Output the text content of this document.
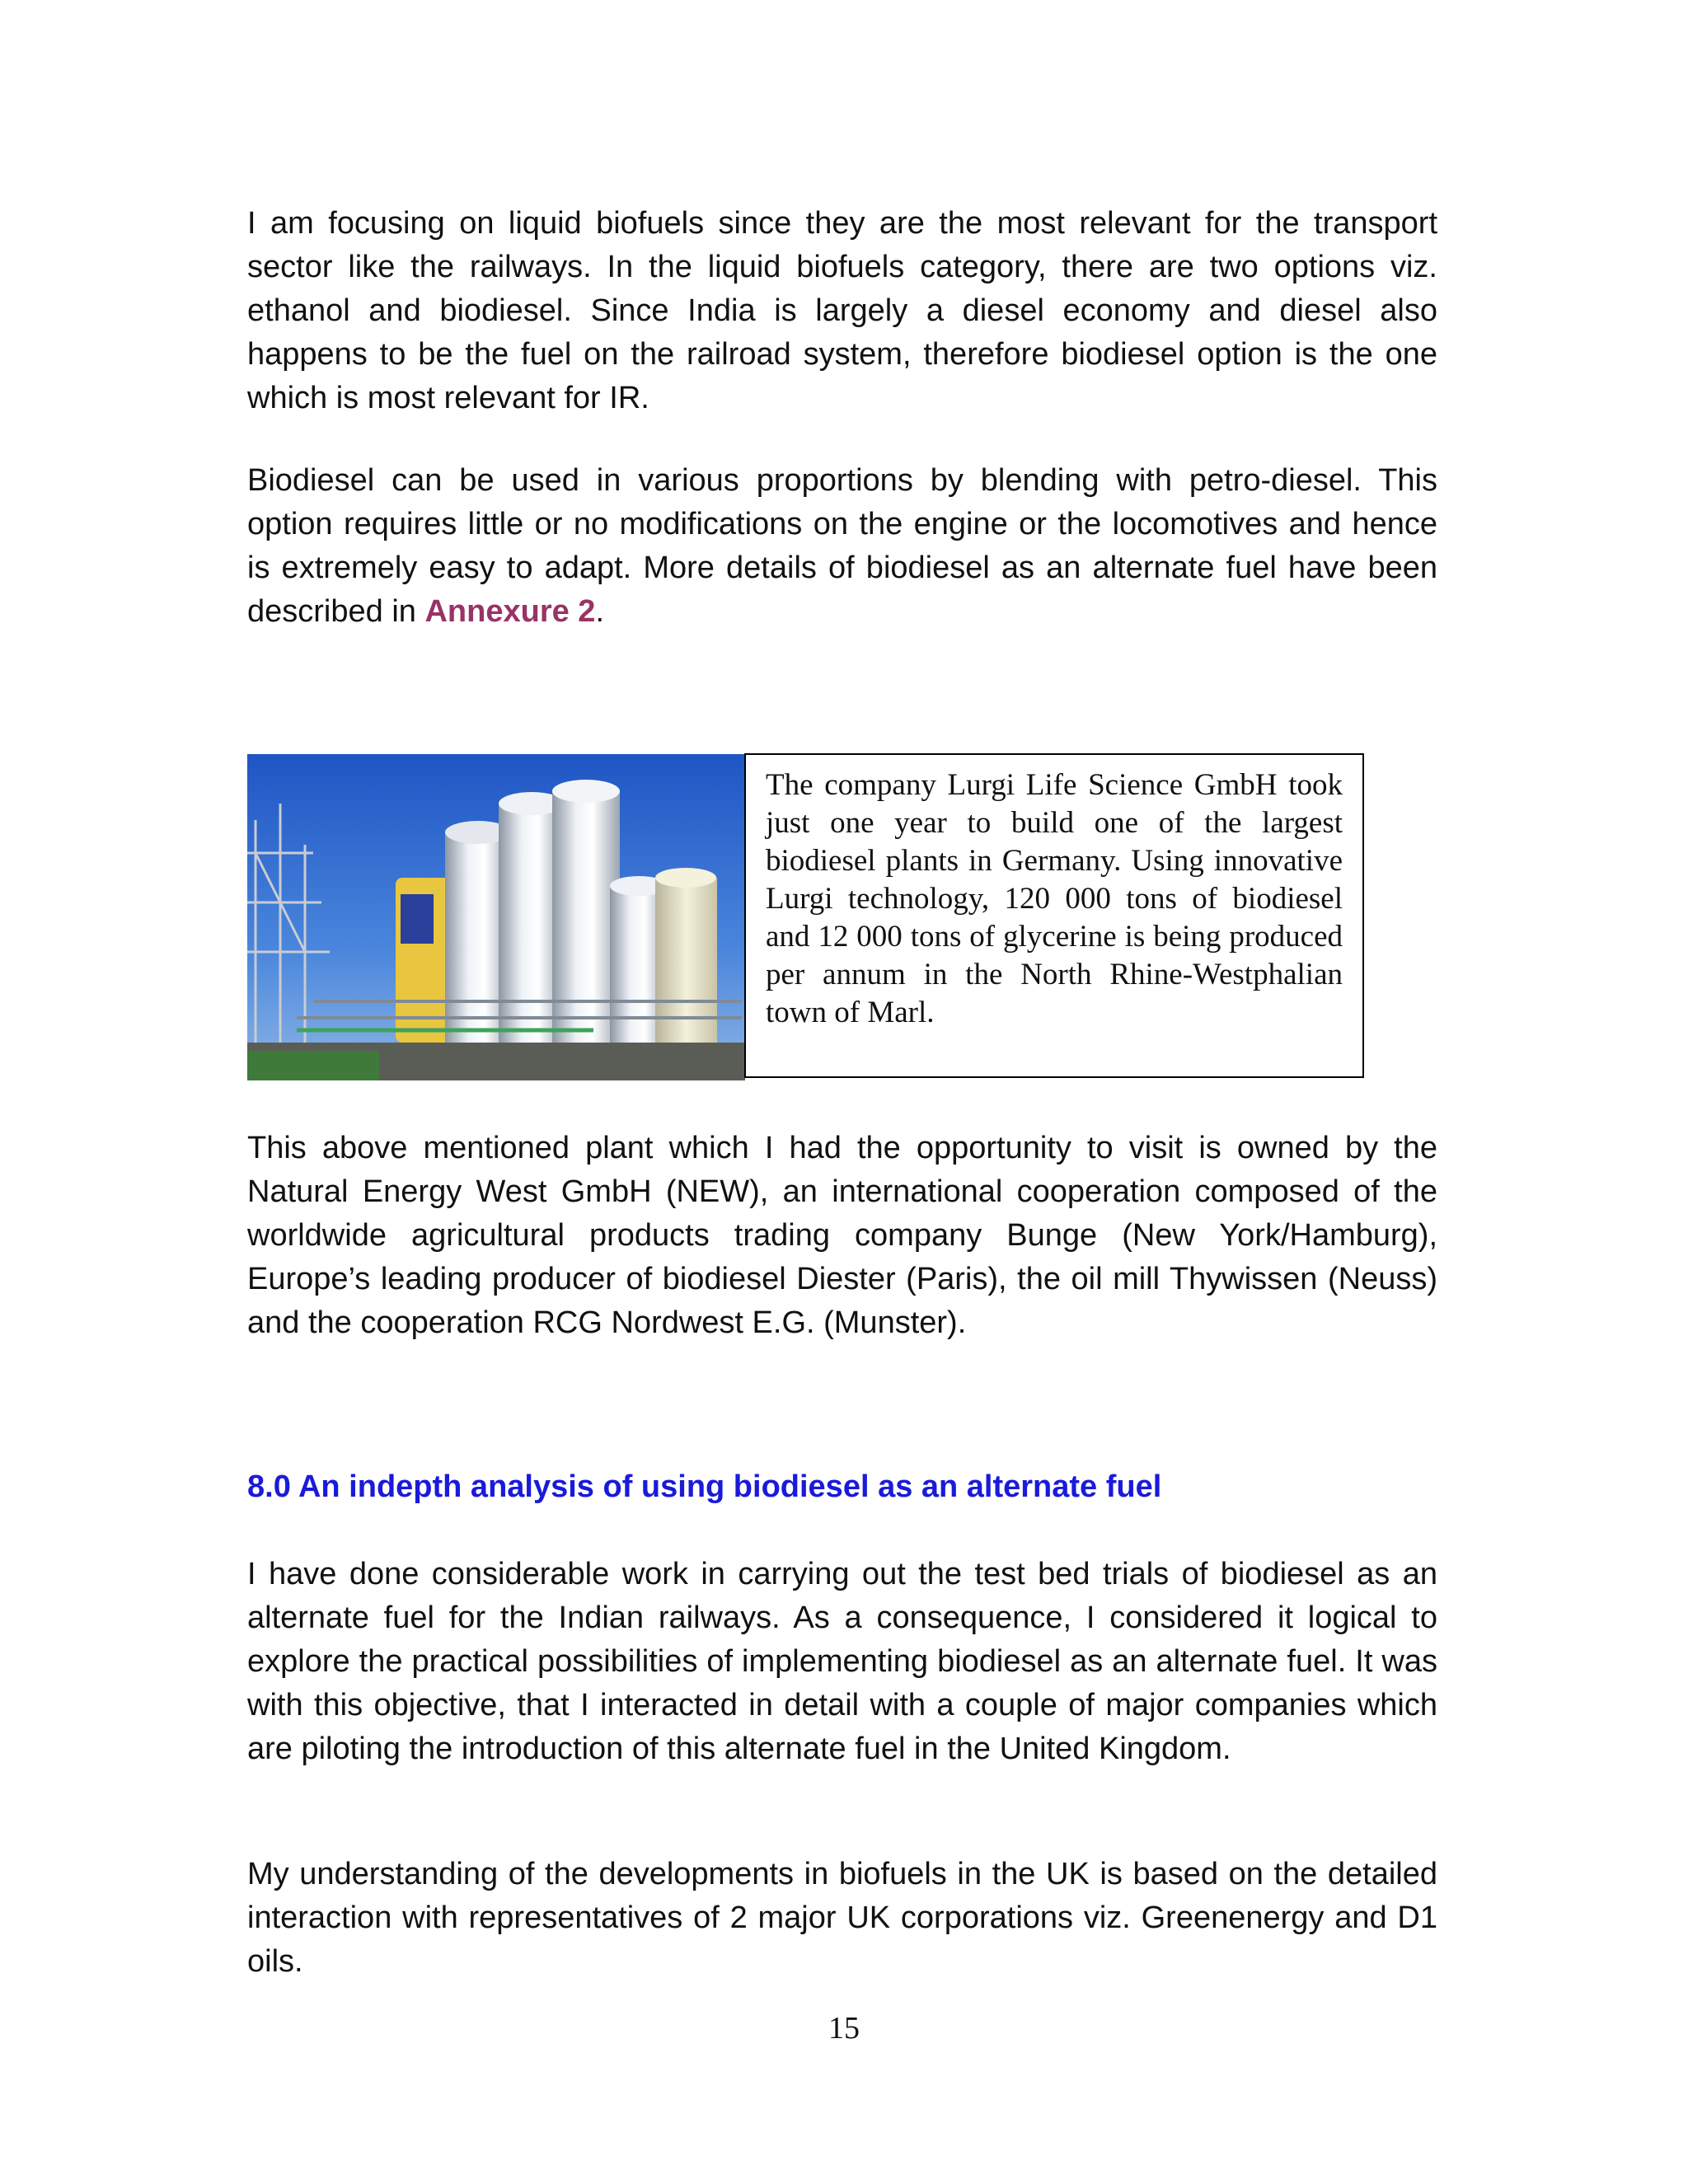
I am focusing on liquid biofuels since they are the most relevant for the transport sector like the railways. In the liquid biofuels category, there are two options viz. ethanol and biodiesel. Since India is largely a diesel economy and diesel also happens to be the fuel on the railroad system, therefore biodiesel option is the one which is most relevant for IR.

Biodiesel can be used in various proportions by blending with petro-diesel. This option requires little or no modifications on the engine or the locomotives and hence is extremely easy to adapt. More details of biodiesel as an alternate fuel have been described in Annexure 2.

The company Lurgi Life Science GmbH took just one year to build one of the largest biodiesel plants in Germany. Using innovative Lurgi technology, 120 000 tons of biodiesel and 12 000 tons of glycerine is being produced per annum in the North Rhine-Westphalian town of Marl.

This above mentioned plant which I had the opportunity to visit is owned by the Natural Energy West GmbH (NEW), an international cooperation composed of the worldwide agricultural products trading company Bunge (New York/Hamburg), Europe’s leading producer of biodiesel Diester (Paris), the oil mill Thywissen (Neuss) and the cooperation RCG Nordwest E.G. (Munster).

8.0 An indepth analysis of using biodiesel as an alternate fuel

I have done considerable work in carrying out the test bed trials of biodiesel as an alternate fuel for the Indian railways. As a consequence, I considered it logical to explore the practical possibilities of implementing biodiesel as an alternate fuel. It was with this objective, that I interacted in detail with a couple of major companies which are piloting the introduction of this alternate fuel in the United Kingdom.

My understanding of the developments in biofuels in the UK is based on the detailed interaction with representatives of 2 major UK corporations viz. Greenenergy and D1 oils.

15
